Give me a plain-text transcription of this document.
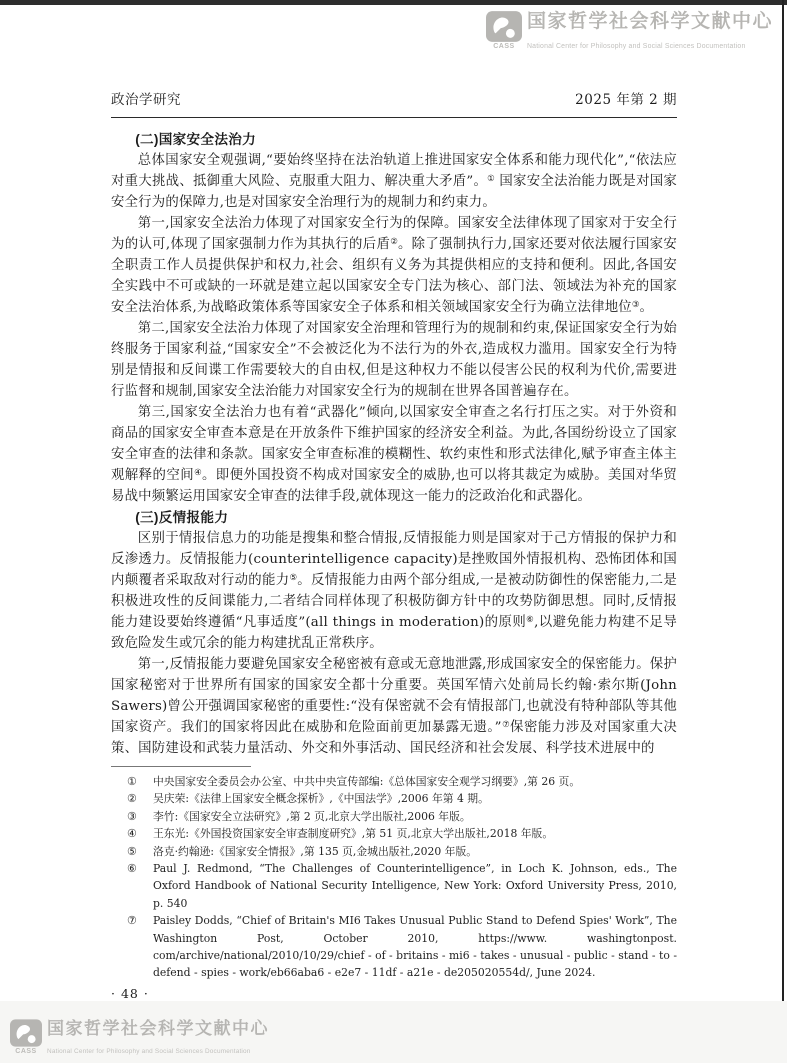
国家哲学社会科学文献中心
CASS	National Center for Philosophy and Social Sciences Documentation
政治学研究	2025 年第 2 期
(二)国家安全法治力

总体国家安全观强调,“要始终坚持在法治轨道上推进国家安全体系和能力现代化”,“依法应对重大挑战、抵御重大风险、克服重大阻力、解决重大矛盾”。① 国家安全法治能力既是对国家安全行为的保障力,也是对国家安全治理行为的规制力和约束力。

第一,国家安全法治力体现了对国家安全行为的保障。国家安全法律体现了国家对于安全行为的认可,体现了国家强制力作为其执行的后盾②。除了强制执行力,国家还要对依法履行国家安全职责工作人员提供保护和权力,社会、组织有义务为其提供相应的支持和便利。因此,各国安全实践中不可或缺的一环就是建立起以国家安全专门法为核心、部门法、领域法为补充的国家安全法治体系,为战略政策体系等国家安全子体系和相关领域国家安全行为确立法律地位③。

第二,国家安全法治力体现了对国家安全治理和管理行为的规制和约束,保证国家安全行为始终服务于国家利益,“国家安全”不会被泛化为不法行为的外衣,造成权力滥用。国家安全行为特别是情报和反间谍工作需要较大的自由权,但是这种权力不能以侵害公民的权利为代价,需要进行监督和规制,国家安全法治能力对国家安全行为的规制在世界各国普遍存在。

第三,国家安全法治力也有着“武器化”倾向,以国家安全审查之名行打压之实。对于外资和商品的国家安全审查本意是在开放条件下维护国家的经济安全利益。为此,各国纷纷设立了国家安全审查的法律和条款。国家安全审查标准的模糊性、软约束性和形式法律化,赋予审查主体主观解释的空间④。即便外国投资不构成对国家安全的威胁,也可以将其裁定为威胁。美国对华贸易战中频繁运用国家安全审查的法律手段,就体现这一能力的泛政治化和武器化。

(三)反情报能力

区别于情报信息力的功能是搜集和整合情报,反情报能力则是国家对于己方情报的保护力和反渗透力。反情报能力(counterintelligence capacity)是挫败国外情报机构、恐怖团体和国内颠覆者采取敌对行动的能力⑤。反情报能力由两个部分组成,一是被动防御性的保密能力,二是积极进攻性的反间谍能力,二者结合同样体现了积极防御方针中的攻势防御思想。同时,反情报能力建设要始终遵循“凡事适度”(all things in moderation)的原则⑥,以避免能力构建不足导致危险发生或冗余的能力构建扰乱正常秩序。

第一,反情报能力要避免国家安全秘密被有意或无意地泄露,形成国家安全的保密能力。保护国家秘密对于世界所有国家的国家安全都十分重要。英国军情六处前局长约翰·索尔斯(John Sawers)曾公开强调国家秘密的重要性:“没有保密就不会有情报部门,也就没有特种部队等其他国家资产。我们的国家将因此在威胁和危险面前更加暴露无遗。”⑦保密能力涉及对国家重大决策、国防建设和武装力量活动、外交和外事活动、国民经济和社会发展、科学技术进展中的

①	中央国家安全委员会办公室、中共中央宣传部编:《总体国家安全观学习纲要》,第 26 页。
②	吴庆荣:《法律上国家安全概念探析》,《中国法学》,2006 年第 4 期。
③	李竹:《国家安全立法研究》,第 2 页,北京大学出版社,2006 年版。
④	王东光:《外国投资国家安全审查制度研究》,第 51 页,北京大学出版社,2018 年版。
⑤	洛克·约翰逊:《国家安全情报》,第 135 页,金城出版社,2020 年版。
⑥	Paul J. Redmond, “The Challenges of Counterintelligence”, in Loch K. Johnson, eds., The Oxford Handbook of National Security Intelligence, New York: Oxford University Press, 2010, p. 540
⑦	Paisley Dodds, “Chief of Britain's MI6 Takes Unusual Public Stand to Defend Spies' Work”, The Washington Post, October 2010, https://www. washingtonpost. com/archive/national/2010/10/29/chief - of - britains - mi6 - takes - unusual - public - stand - to - defend - spies - work/eb66aba6 - e2e7 - 11df - a21e - de205020554d/, June 2024.
· 48 ·
国家哲学社会科学文献中心
CASS	National Center for Philosophy and Social Sciences Documentation
